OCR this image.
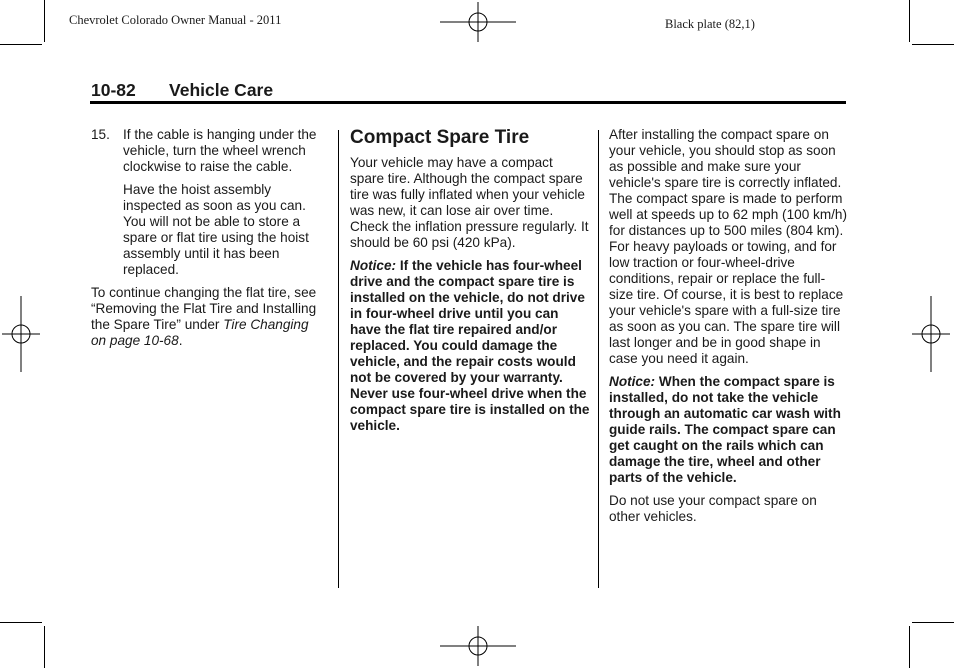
Chevrolet Colorado Owner Manual - 2011	Black plate (82,1)
10-82 Vehicle Care
15. If the cable is hanging under the vehicle, turn the wheel wrench clockwise to raise the cable.

Have the hoist assembly inspected as soon as you can. You will not be able to store a spare or flat tire using the hoist assembly until it has been replaced.

To continue changing the flat tire, see “Removing the Flat Tire and Installing the Spare Tire” under Tire Changing on page 10-68.

Compact Spare Tire

Your vehicle may have a compact spare tire. Although the compact spare tire was fully inflated when your vehicle was new, it can lose air over time. Check the inflation pressure regularly. It should be 60 psi (420 kPa).

Notice: If the vehicle has four-wheel drive and the compact spare tire is installed on the vehicle, do not drive in four-wheel drive until you can have the flat tire repaired and/or replaced. You could damage the vehicle, and the repair costs would not be covered by your warranty. Never use four-wheel drive when the compact spare tire is installed on the vehicle.

After installing the compact spare on your vehicle, you should stop as soon as possible and make sure your vehicle's spare tire is correctly inflated. The compact spare is made to perform well at speeds up to 62 mph (100 km/h) for distances up to 500 miles (804 km). For heavy payloads or towing, and for low traction or four-wheel-drive conditions, repair or replace the full-size tire. Of course, it is best to replace your vehicle's spare with a full-size tire as soon as you can. The spare tire will last longer and be in good shape in case you need it again.

Notice: When the compact spare is installed, do not take the vehicle through an automatic car wash with guide rails. The compact spare can get caught on the rails which can damage the tire, wheel and other parts of the vehicle.

Do not use your compact spare on other vehicles.
